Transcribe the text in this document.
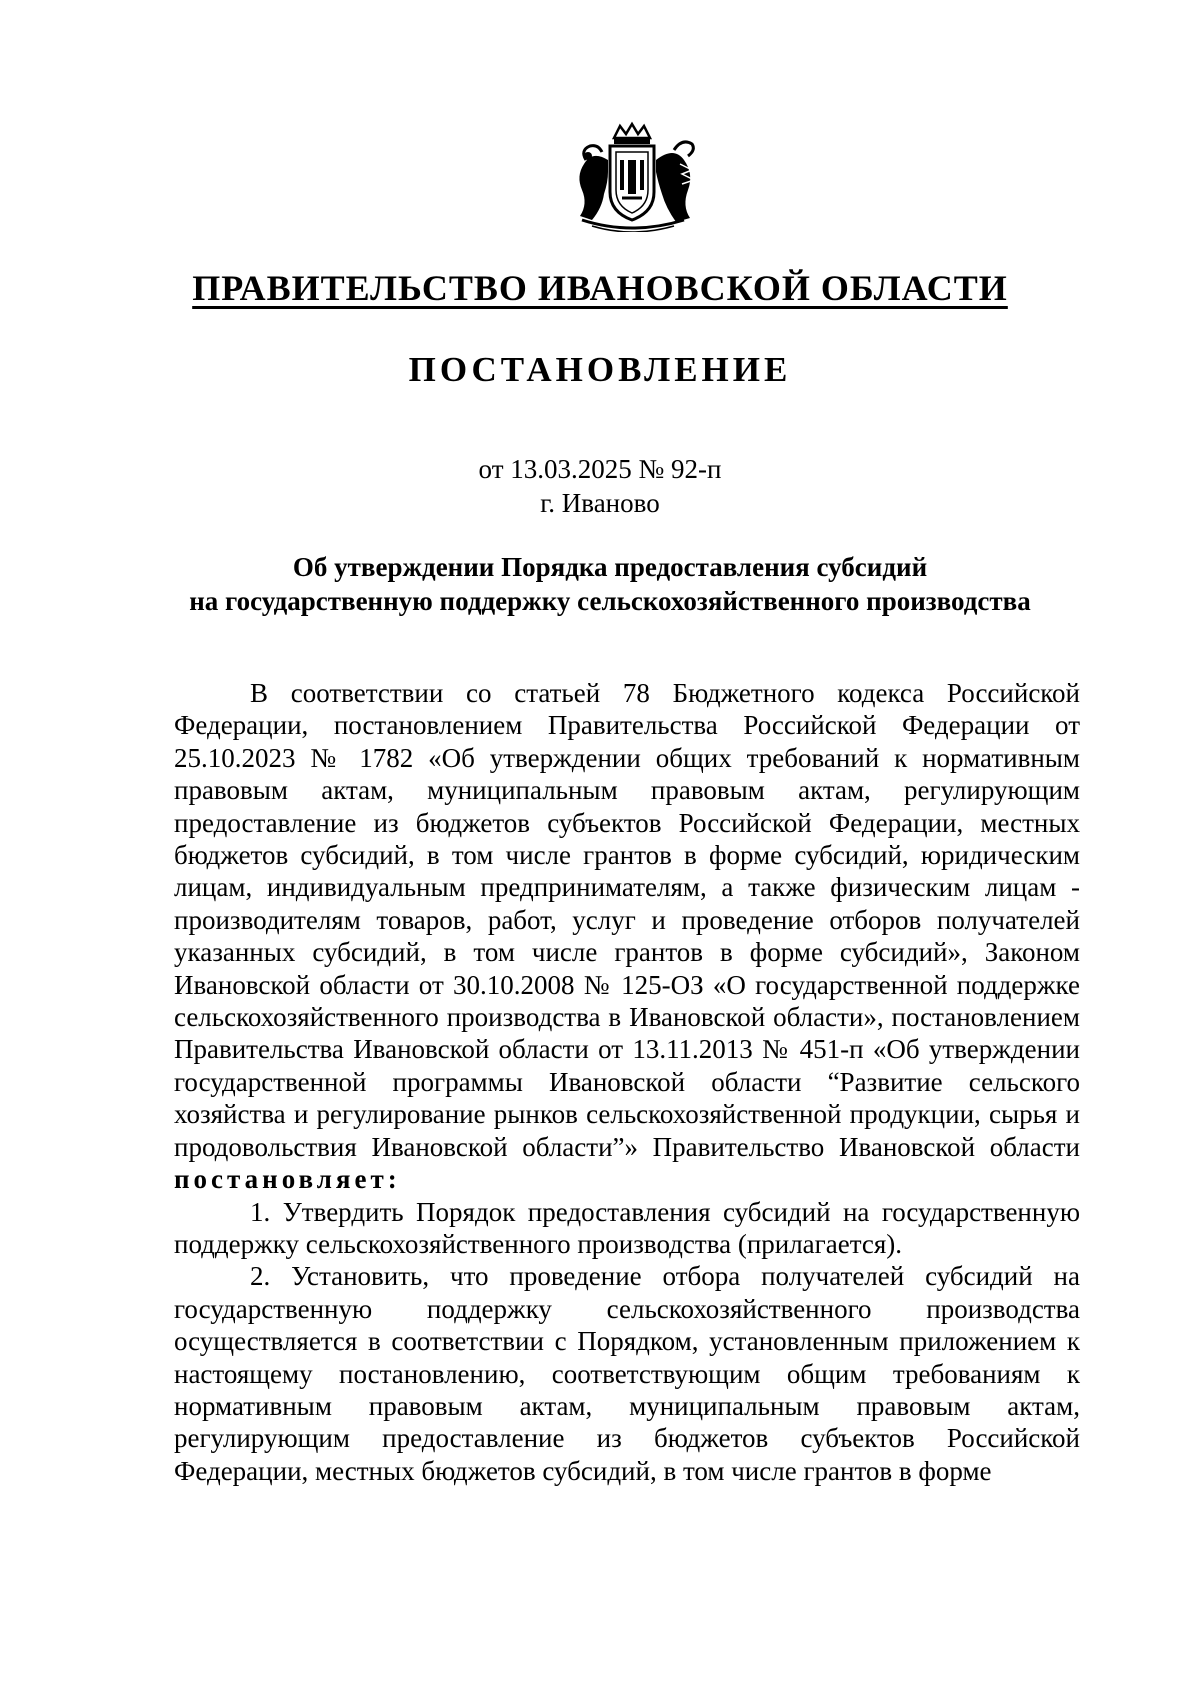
ПРАВИТЕЛЬСТВО ИВАНОВСКОЙ ОБЛАСТИ
ПОСТАНОВЛЕНИЕ
от 13.03.2025 № 92-п
г. Иваново
Об утверждении Порядка предоставления субсидий
на государственную поддержку сельскохозяйственного производства

В соответствии со статьей 78 Бюджетного кодекса Российской Федерации, постановлением Правительства Российской Федерации от 25.10.2023 № 1782 «Об утверждении общих требований к нормативным правовым актам, муниципальным правовым актам, регулирующим предоставление из бюджетов субъектов Российской Федерации, местных бюджетов субсидий, в том числе грантов в форме субсидий, юридическим лицам, индивидуальным предпринимателям, а также физическим лицам - производителям товаров, работ, услуг и проведение отборов получателей указанных субсидий, в том числе грантов в форме субсидий», Законом Ивановской области от 30.10.2008 № 125-ОЗ «О государственной поддержке сельскохозяйственного производства в Ивановской области», постановлением Правительства Ивановской области от 13.11.2013 № 451-п «Об утверждении государственной программы Ивановской области “Развитие сельского хозяйства и регулирование рынков сельскохозяйственной продукции, сырья и продовольствия Ивановской области”» Правительство Ивановской области постановляет:

1. Утвердить Порядок предоставления субсидий на государственную поддержку сельскохозяйственного производства (прилагается).

2. Установить, что проведение отбора получателей субсидий на государственную поддержку сельскохозяйственного производства осуществляется в соответствии с Порядком, установленным приложением к настоящему постановлению, соответствующим общим требованиям к нормативным правовым актам, муниципальным правовым актам, регулирующим предоставление из бюджетов субъектов Российской Федерации, местных бюджетов субсидий, в том числе грантов в форме
